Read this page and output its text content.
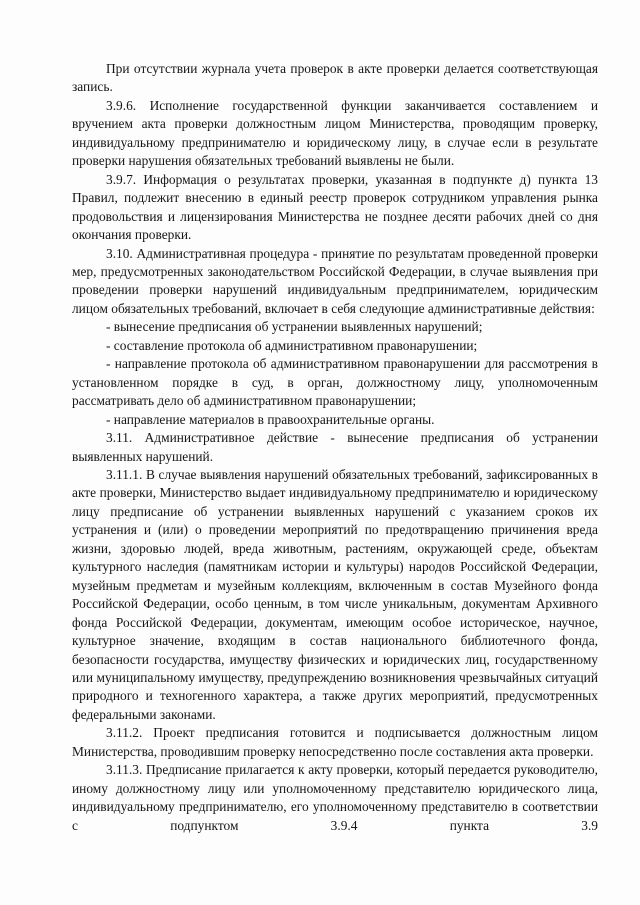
При отсутствии журнала учета проверок в акте проверки делается соответствующая запись.

3.9.6. Исполнение государственной функции заканчивается составлением и вручением акта проверки должностным лицом Министерства, проводящим проверку, индивидуальному предпринимателю и юридическому лицу, в случае если в результате проверки нарушения обязательных требований выявлены не были.

3.9.7. Информация о результатах проверки, указанная в подпункте д) пункта 13 Правил, подлежит внесению в единый реестр проверок сотрудником управления рынка продовольствия и лицензирования Министерства не позднее десяти рабочих дней со дня окончания проверки.

3.10. Административная процедура - принятие по результатам проведенной проверки мер, предусмотренных законодательством Российской Федерации, в случае выявления при проведении проверки нарушений индивидуальным предпринимателем, юридическим лицом обязательных требований, включает в себя следующие административные действия:

- вынесение предписания об устранении выявленных нарушений;

- составление протокола об административном правонарушении;

- направление протокола об административном правонарушении для рассмотрения в установленном порядке в суд, в орган, должностному лицу, уполномоченным рассматривать дело об административном правонарушении;

- направление материалов в правоохранительные органы.

3.11. Административное действие - вынесение предписания об устранении выявленных нарушений.

3.11.1. В случае выявления нарушений обязательных требований, зафиксированных в акте проверки, Министерство выдает индивидуальному предпринимателю и юридическому лицу предписание об устранении выявленных нарушений с указанием сроков их устранения и (или) о проведении мероприятий по предотвращению причинения вреда жизни, здоровью людей, вреда животным, растениям, окружающей среде, объектам культурного наследия (памятникам истории и культуры) народов Российской Федерации, музейным предметам и музейным коллекциям, включенным в состав Музейного фонда Российской Федерации, особо ценным, в том числе уникальным, документам Архивного фонда Российской Федерации, документам, имеющим особое историческое, научное, культурное значение, входящим в состав национального библиотечного фонда, безопасности государства, имуществу физических и юридических лиц, государственному или муниципальному имуществу, предупреждению возникновения чрезвычайных ситуаций природного и техногенного характера, а также других мероприятий, предусмотренных федеральными законами.

3.11.2. Проект предписания готовится и подписывается должностным лицом Министерства, проводившим проверку непосредственно после составления акта проверки.

3.11.3. Предписание прилагается к акту проверки, который передается руководителю, иному должностному лицу или уполномоченному представителю юридического лица, индивидуальному предпринимателю, его уполномоченному представителю в соответствии с подпунктом 3.9.4 пункта 3.9
